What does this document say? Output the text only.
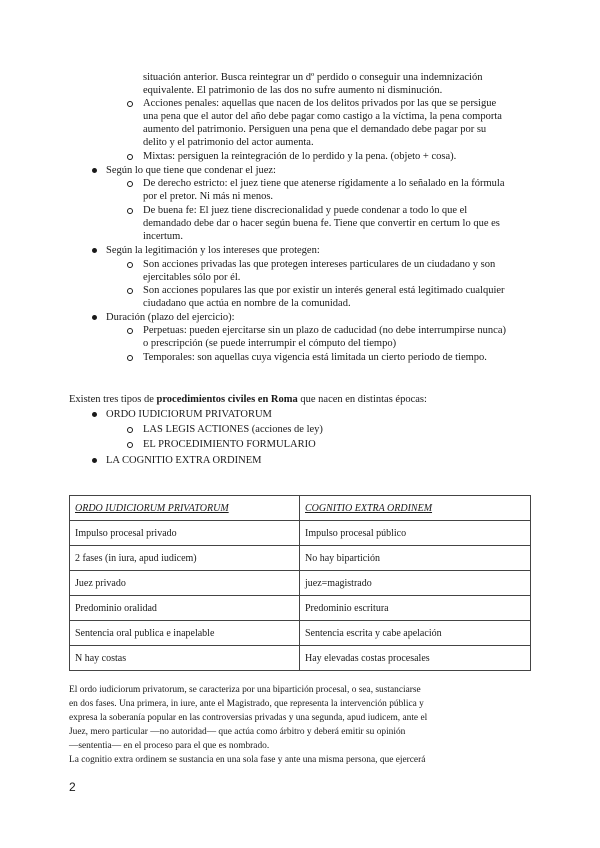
situación anterior. Busca reintegrar un dº perdido o conseguir una indemnización
equivalente. El patrimonio de las dos no sufre aumento ni disminución.
Acciones penales: aquellas que nacen de los delitos privados por las que se persigue
una pena que el autor del año debe pagar como castigo a la víctima, la pena comporta
aumento del patrimonio. Persiguen una pena que el demandado debe pagar por su
delito y el patrimonio del actor aumenta.
Mixtas: persiguen la reintegración de lo perdido y la pena. (objeto + cosa).
Según lo que tiene que condenar el juez:
De derecho estricto: el juez tiene que atenerse rígidamente a lo señalado en la fórmula
por el pretor. Ni más ni menos.
De buena fe: El juez tiene discrecionalidad y puede condenar a todo lo que el
demandado debe dar o hacer según buena fe. Tiene que convertir en certum lo que es
incertum.
Según la legitimación y los intereses que protegen:
Son acciones privadas las que protegen intereses particulares de un ciudadano y son
ejercitables sólo por él.
Son acciones populares las que por existir un interés general está legitimado cualquier
ciudadano que actúa en nombre de la comunidad.
Duración (plazo del ejercicio):
Perpetuas: pueden ejercitarse sin un plazo de caducidad (no debe interrumpirse nunca)
o prescripción (se puede interrumpir el cómputo del tiempo)
Temporales: son aquellas cuya vigencia está limitada un cierto periodo de tiempo.
Existen tres tipos de procedimientos civiles en Roma que nacen en distintas épocas:
ORDO IUDICIORUM PRIVATORUM
LAS LEGIS ACTIONES (acciones de ley)
EL PROCEDIMIENTO FORMULARIO
LA COGNITIO EXTRA ORDINEM
ORDO IUDICIORUM PRIVATORUM	COGNITIO EXTRA ORDINEM
Impulso procesal privado	Impulso procesal público
2 fases (in iura, apud iudicem)	No hay bipartición
Juez privado	juez=magistrado
Predominio oralidad	Predominio escritura
Sentencia oral publica e inapelable	Sentencia escrita y cabe apelación
N hay costas	Hay elevadas costas procesales
El ordo iudiciorum privatorum, se caracteriza por una bipartición procesal, o sea, sustanciarse
en dos fases. Una primera, in iure, ante el Magistrado, que representa la intervención pública y
expresa la soberanía popular en las controversias privadas y una segunda, apud iudicem, ante el
Juez, mero particular —no autoridad— que actúa como árbitro y deberá emitir su opinión
—sententia— en el proceso para el que es nombrado.
La cognitio extra ordinem se sustancia en una sola fase y ante una misma persona, que ejercerá
2
